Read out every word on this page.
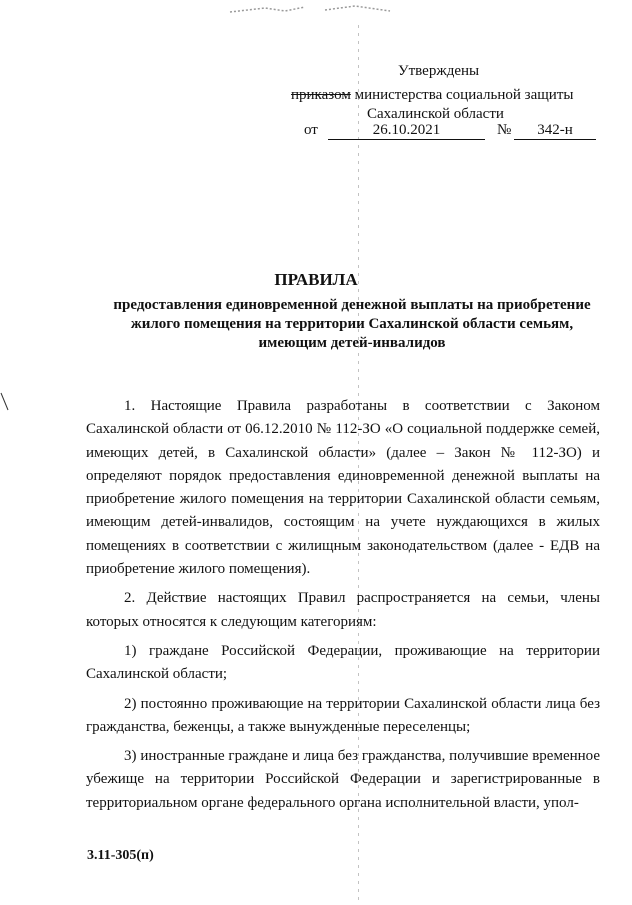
Утверждены
приказом министерства социальной защиты
Сахалинской области
от	26.10.2021	№	342-н
ПРАВИЛА
предоставления единовременной денежной выплаты на приобретение
жилого помещения на территории Сахалинской области семьям,
имеющим детей-инвалидов

1. Настоящие Правила разработаны в соответствии с Законом Сахалинской области от 06.12.2010 № 112-ЗО «О социальной поддержке семей, имеющих детей, в Сахалинской области» (далее – Закон № 112-ЗО) и определяют порядок предоставления единовременной денежной выплаты на приобретение жилого помещения на территории Сахалинской области семьям, имеющим детей-инвалидов, состоящим на учете нуждающихся в жилых помещениях в соответствии с жилищным законодательством (далее - ЕДВ на приобретение жилого помещения).

2. Действие настоящих Правил распространяется на семьи, члены которых относятся к следующим категориям:

1) граждане Российской Федерации, проживающие на территории Сахалинской области;

2) постоянно проживающие на территории Сахалинской области лица без гражданства, беженцы, а также вынужденные переселенцы;

3) иностранные граждане и лица без гражданства, получившие временное убежище на территории Российской Федерации и зарегистрированные в территориальном органе федерального органа исполнительной власти, упол-

3.11-305(п)
